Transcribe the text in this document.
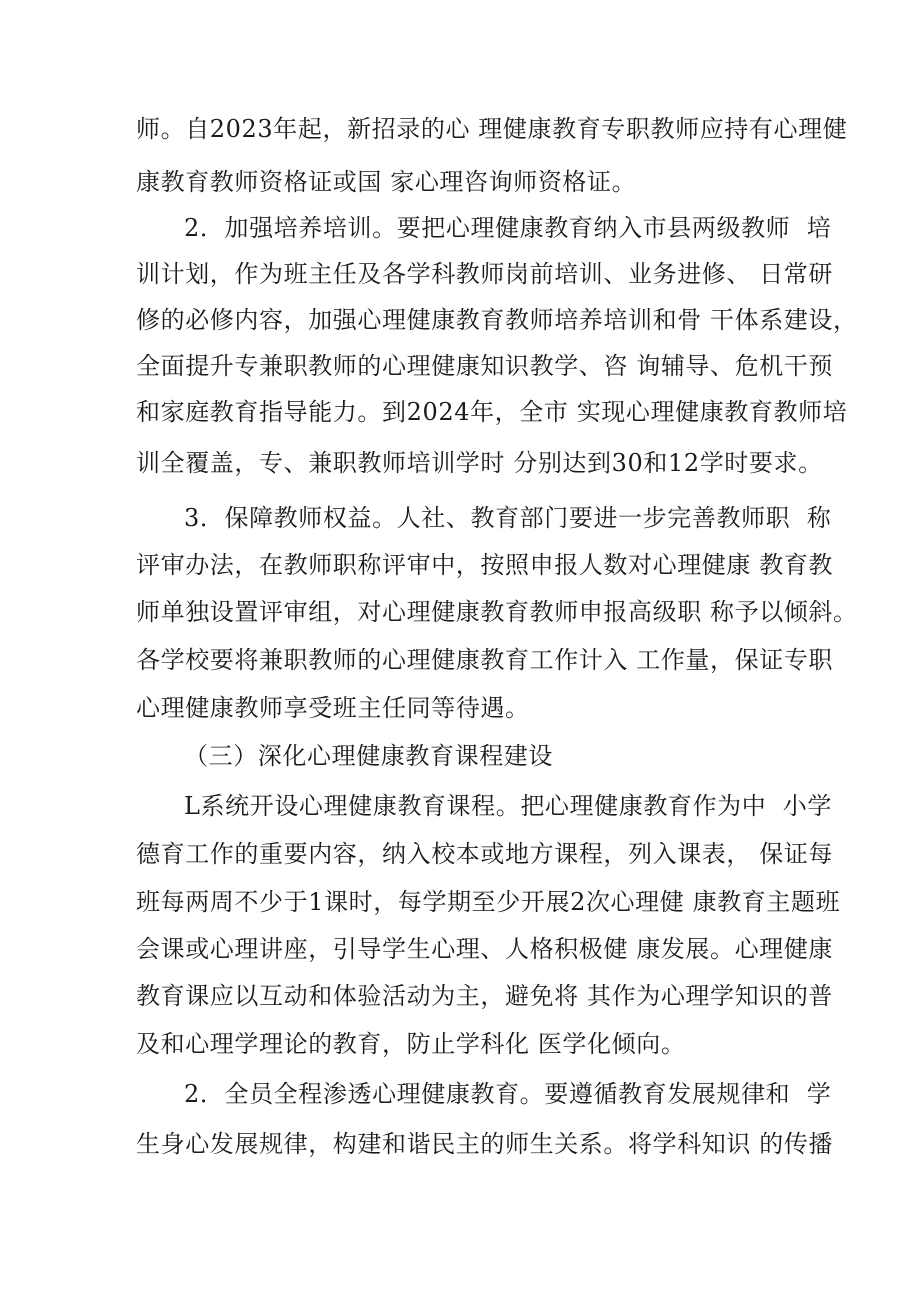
师。自2023年起，新招录的心 理健康教育专职教师应持有心理健
康教育教师资格证或国 家心理咨询师资格证。
2．加强培养培训。要把心理健康教育纳入市县两级教师  培
训计划，作为班主任及各学科教师岗前培训、业务进修、 日常研
修的必修内容，加强心理健康教育教师培养培训和骨 干体系建设，
全面提升专兼职教师的心理健康知识教学、咨 询辅导、危机干预
和家庭教育指导能力。到2024年，全市 实现心理健康教育教师培
训全覆盖，专、兼职教师培训学时 分别达到30和12学时要求。
3．保障教师权益。人社、教育部门要进一步完善教师职  称
评审办法，在教师职称评审中，按照申报人数对心理健康 教育教
师单独设置评审组，对心理健康教育教师申报高级职 称予以倾斜。
各学校要将兼职教师的心理健康教育工作计入 工作量，保证专职
心理健康教师享受班主任同等待遇。
（三）深化心理健康教育课程建设
L系统开设心理健康教育课程。把心理健康教育作为中  小学
德育工作的重要内容，纳入校本或地方课程，列入课表， 保证每
班每两周不少于1课时，每学期至少开展2次心理健 康教育主题班
会课或心理讲座，引导学生心理、人格积极健 康发展。心理健康
教育课应以互动和体验活动为主，避免将 其作为心理学知识的普
及和心理学理论的教育，防止学科化 医学化倾向。
2．全员全程渗透心理健康教育。要遵循教育发展规律和  学
生身心发展规律，构建和谐民主的师生关系。将学科知识 的传播
